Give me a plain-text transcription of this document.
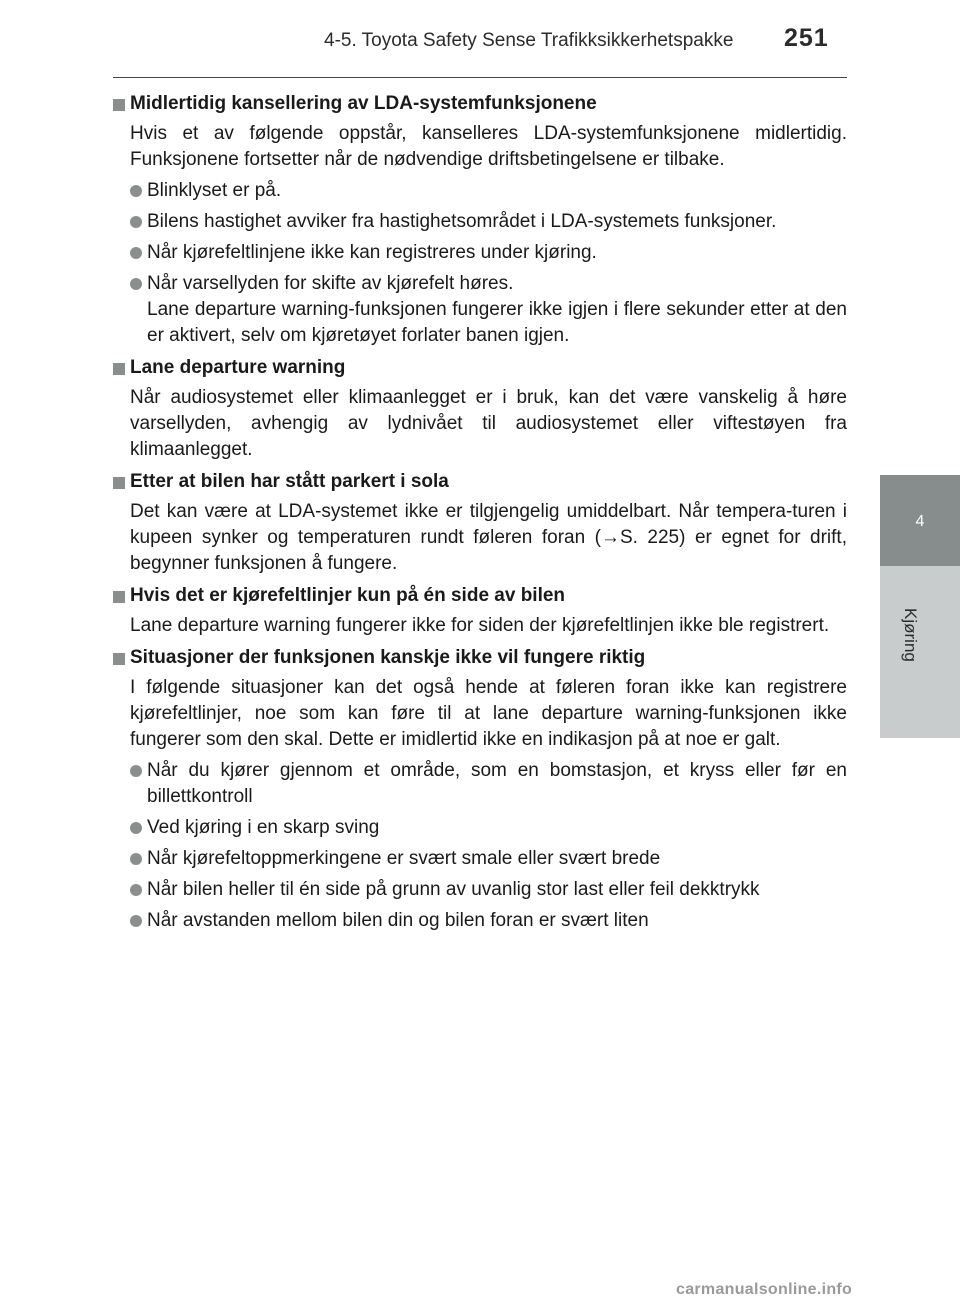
4-5. Toyota Safety Sense Trafikksikkerhetspakke	251
4
Kjøring
Midlertidig kansellering av LDA-systemfunksjonene
Hvis et av følgende oppstår, kanselleres LDA-systemfunksjonene midlertidig. Funksjonene fortsetter når de nødvendige driftsbetingelsene er tilbake.
Blinklyset er på.
Bilens hastighet avviker fra hastighetsområdet i LDA-systemets funksjoner.
Når kjørefeltlinjene ikke kan registreres under kjøring.
Når varsellyden for skifte av kjørefelt høres.
Lane departure warning-funksjonen fungerer ikke igjen i flere sekunder etter at den er aktivert, selv om kjøretøyet forlater banen igjen.
Lane departure warning
Når audiosystemet eller klimaanlegget er i bruk, kan det være vanskelig å høre varsellyden, avhengig av lydnivået til audiosystemet eller viftestøyen fra klimaanlegget.
Etter at bilen har stått parkert i sola
Det kan være at LDA-systemet ikke er tilgjengelig umiddelbart. Når tempera-turen i kupeen synker og temperaturen rundt føleren foran (→S. 225) er egnet for drift, begynner funksjonen å fungere.
Hvis det er kjørefeltlinjer kun på én side av bilen
Lane departure warning fungerer ikke for siden der kjørefeltlinjen ikke ble registrert.
Situasjoner der funksjonen kanskje ikke vil fungere riktig
I følgende situasjoner kan det også hende at føleren foran ikke kan registrere kjørefeltlinjer, noe som kan føre til at lane departure warning-funksjonen ikke fungerer som den skal. Dette er imidlertid ikke en indikasjon på at noe er galt.
Når du kjører gjennom et område, som en bomstasjon, et kryss eller før en billettkontroll
Ved kjøring i en skarp sving
Når kjørefeltoppmerkingene er svært smale eller svært brede
Når bilen heller til én side på grunn av uvanlig stor last eller feil dekktrykk
Når avstanden mellom bilen din og bilen foran er svært liten
carmanualsonline.info
